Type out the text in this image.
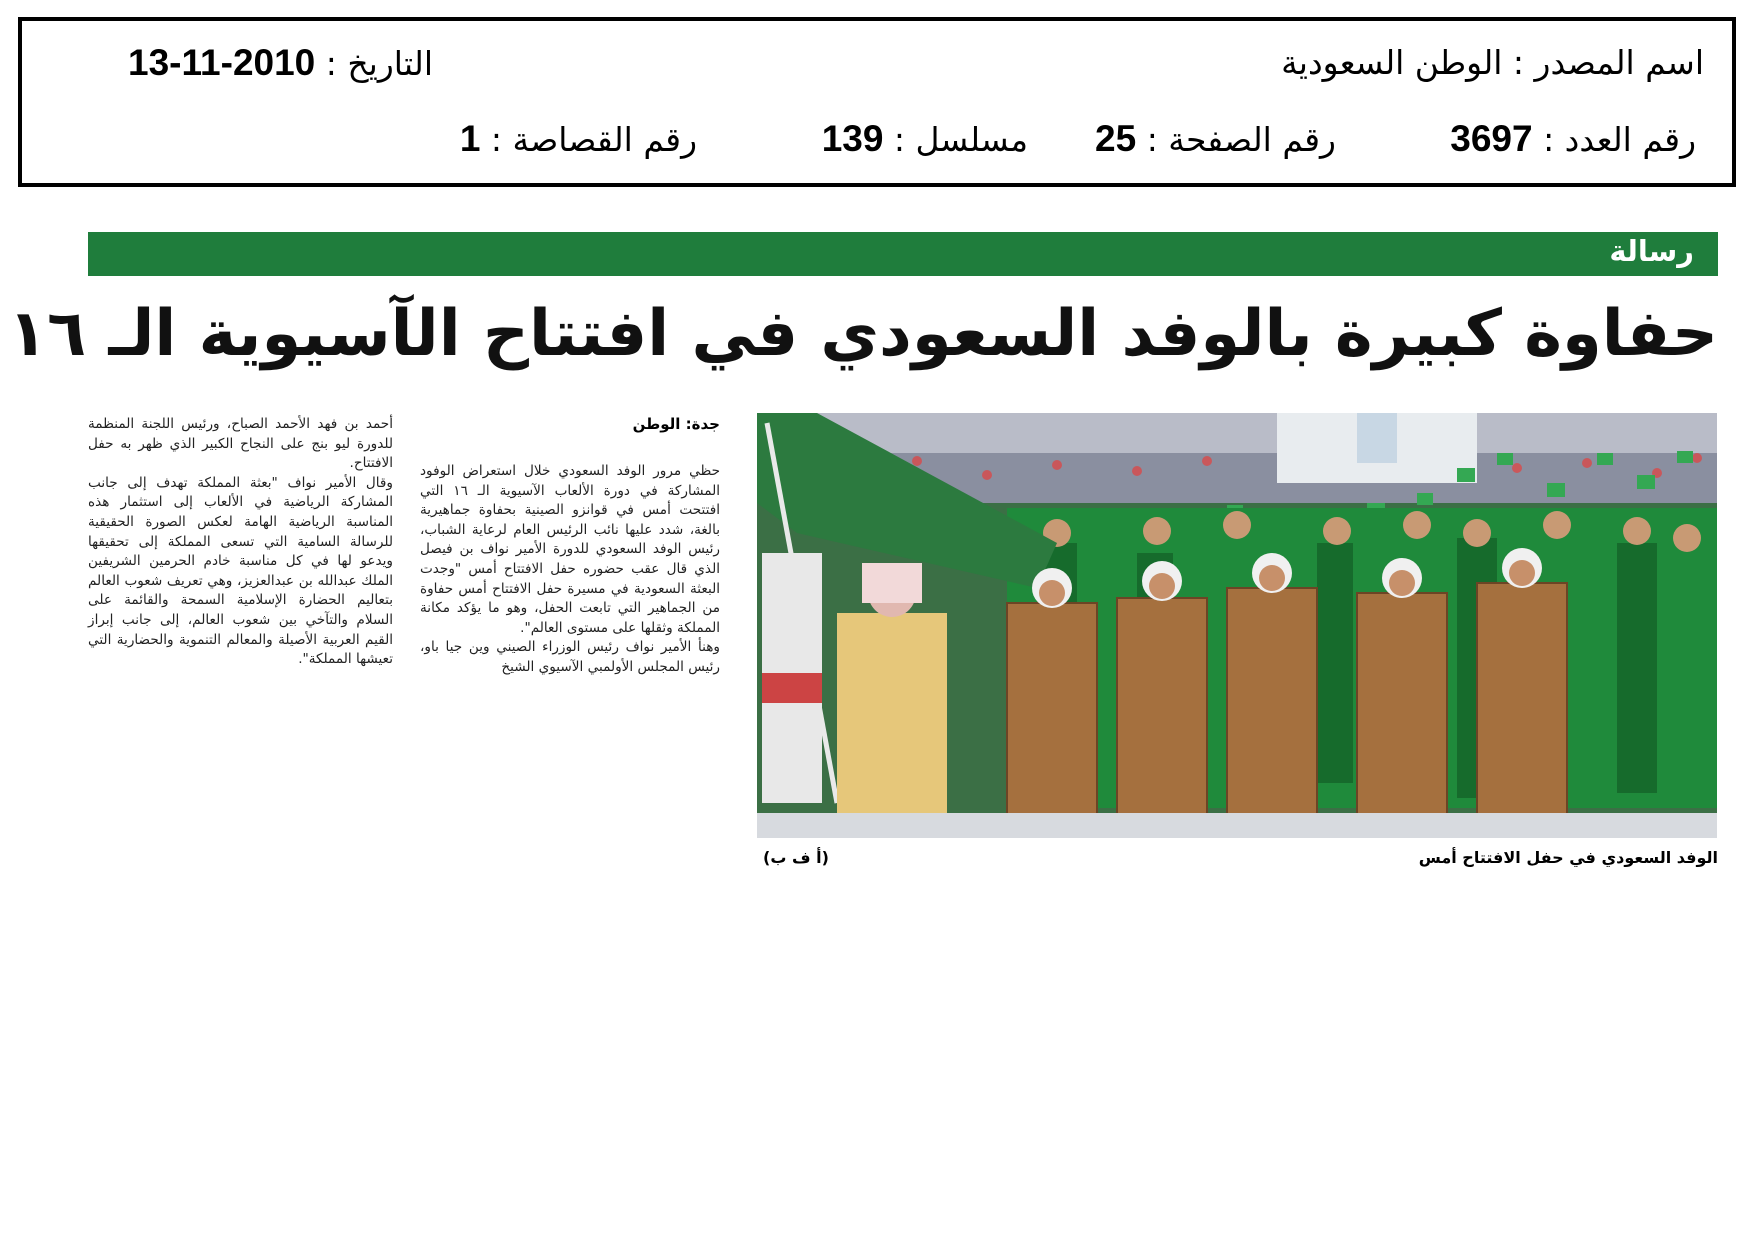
اسم المصدر : الوطن السعودية
التاريخ : 2010-11-13
رقم العدد : 3697
رقم الصفحة : 25
مسلسل : 139
رقم القصاصة : 1
رسالة
حفاوة كبيرة بالوفد السعودي في افتتاح الآسيوية الـ ١٦
الوفد السعودي في حفل الافتتاح أمس
(أ ف ب)
جدة: الوطن

حظي مرور الوفد السعودي خلال استعراض الوفود المشاركة في دورة الألعاب الآسيوية الـ ١٦ التي افتتحت أمس في قوانزو الصينية بحفاوة جماهيرية بالغة، شدد عليها نائب الرئيس العام لرعاية الشباب، رئيس الوفد السعودي للدورة الأمير نواف بن فيصل الذي قال عقب حضوره حفل الافتتاح أمس "وجدت البعثة السعودية في مسيرة حفل الافتتاح أمس حفاوة من الجماهير التي تابعت الحفل، وهو ما يؤكد مكانة المملكة وثقلها على مستوى العالم".

وهنأ الأمير نواف رئيس الوزراء الصيني وين جيا باو، رئيس المجلس الأولمبي الآسيوي الشيخ

أحمد بن فهد الأحمد الصباح، ورئيس اللجنة المنظمة للدورة ليو بنج على النجاح الكبير الذي ظهر به حفل الافتتاح.

وقال الأمير نواف "بعثة المملكة تهدف إلى جانب المشاركة الرياضية في الألعاب إلى استثمار هذه المناسبة الرياضية الهامة لعكس الصورة الحقيقية للرسالة السامية التي تسعى المملكة إلى تحقيقها ويدعو لها في كل مناسبة خادم الحرمين الشريفين الملك عبدالله بن عبدالعزيز، وهي تعريف شعوب العالم بتعاليم الحضارة الإسلامية السمحة والقائمة على السلام والتآخي بين شعوب العالم، إلى جانب إبراز القيم العربية الأصيلة والمعالم التنموية والحضارية التي تعيشها المملكة".
